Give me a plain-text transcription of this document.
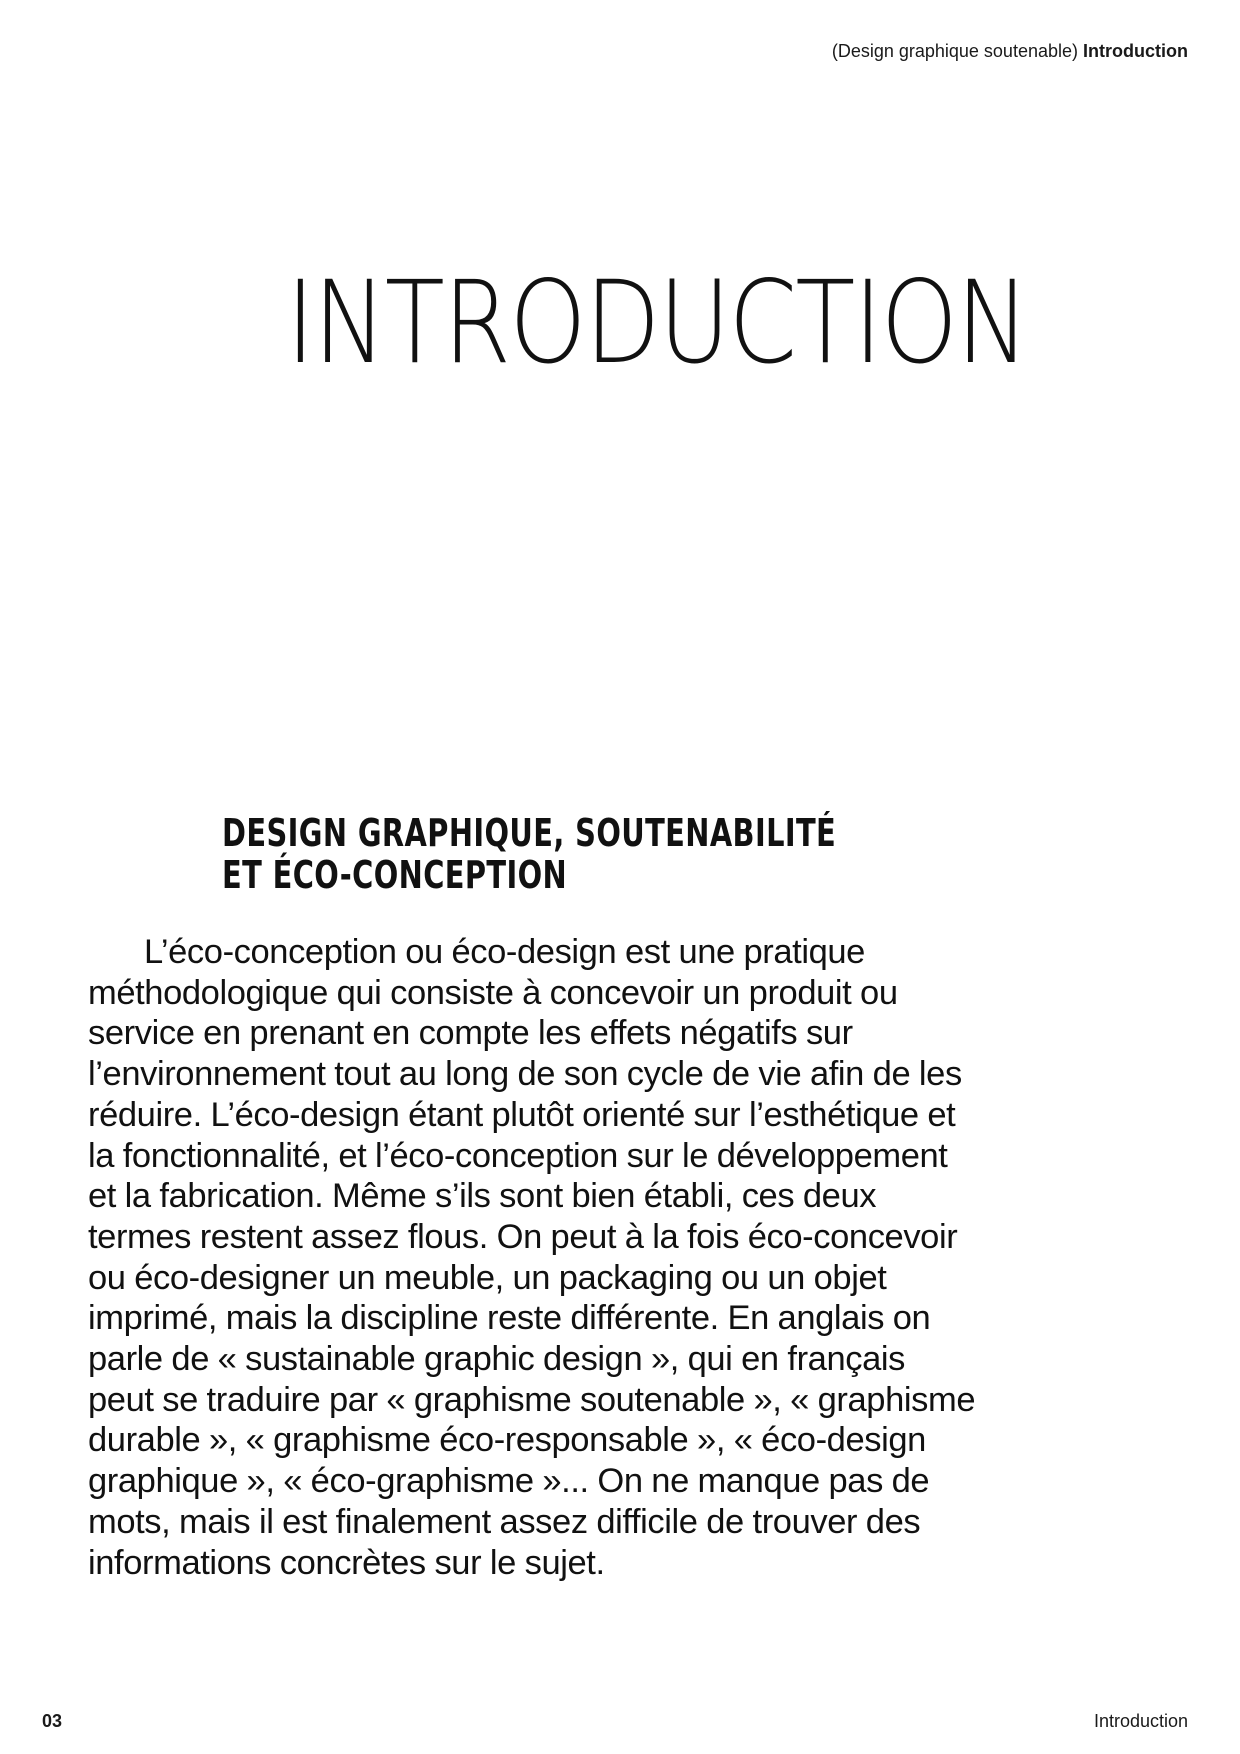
(Design graphique soutenable) Introduction
INTRODUCTION
DESIGN GRAPHIQUE, SOUTENABILITÉ
ET ÉCO-CONCEPTION

L’éco-conception ou éco-design est une pratique
méthodologique qui consiste à concevoir un produit ou
service en prenant en compte les effets négatifs sur
l’environnement tout au long de son cycle de vie afin de les
réduire. L’éco-design étant plutôt orienté sur l’esthétique et
la fonctionnalité, et l’éco-conception sur le développement
et la fabrication. Même s’ils sont bien établi, ces deux
termes restent assez flous. On peut à la fois éco-concevoir
ou éco-designer un meuble, un packaging ou un objet
imprimé, mais la discipline reste différente. En anglais on
parle de « sustainable graphic design », qui en français
peut se traduire par « graphisme soutenable », « graphisme
durable », « graphisme éco-responsable », « éco-design
graphique », « éco-graphisme »... On ne manque pas de
mots, mais il est finalement assez difficile de trouver des
informations concrètes sur le sujet.

03	Introduction
